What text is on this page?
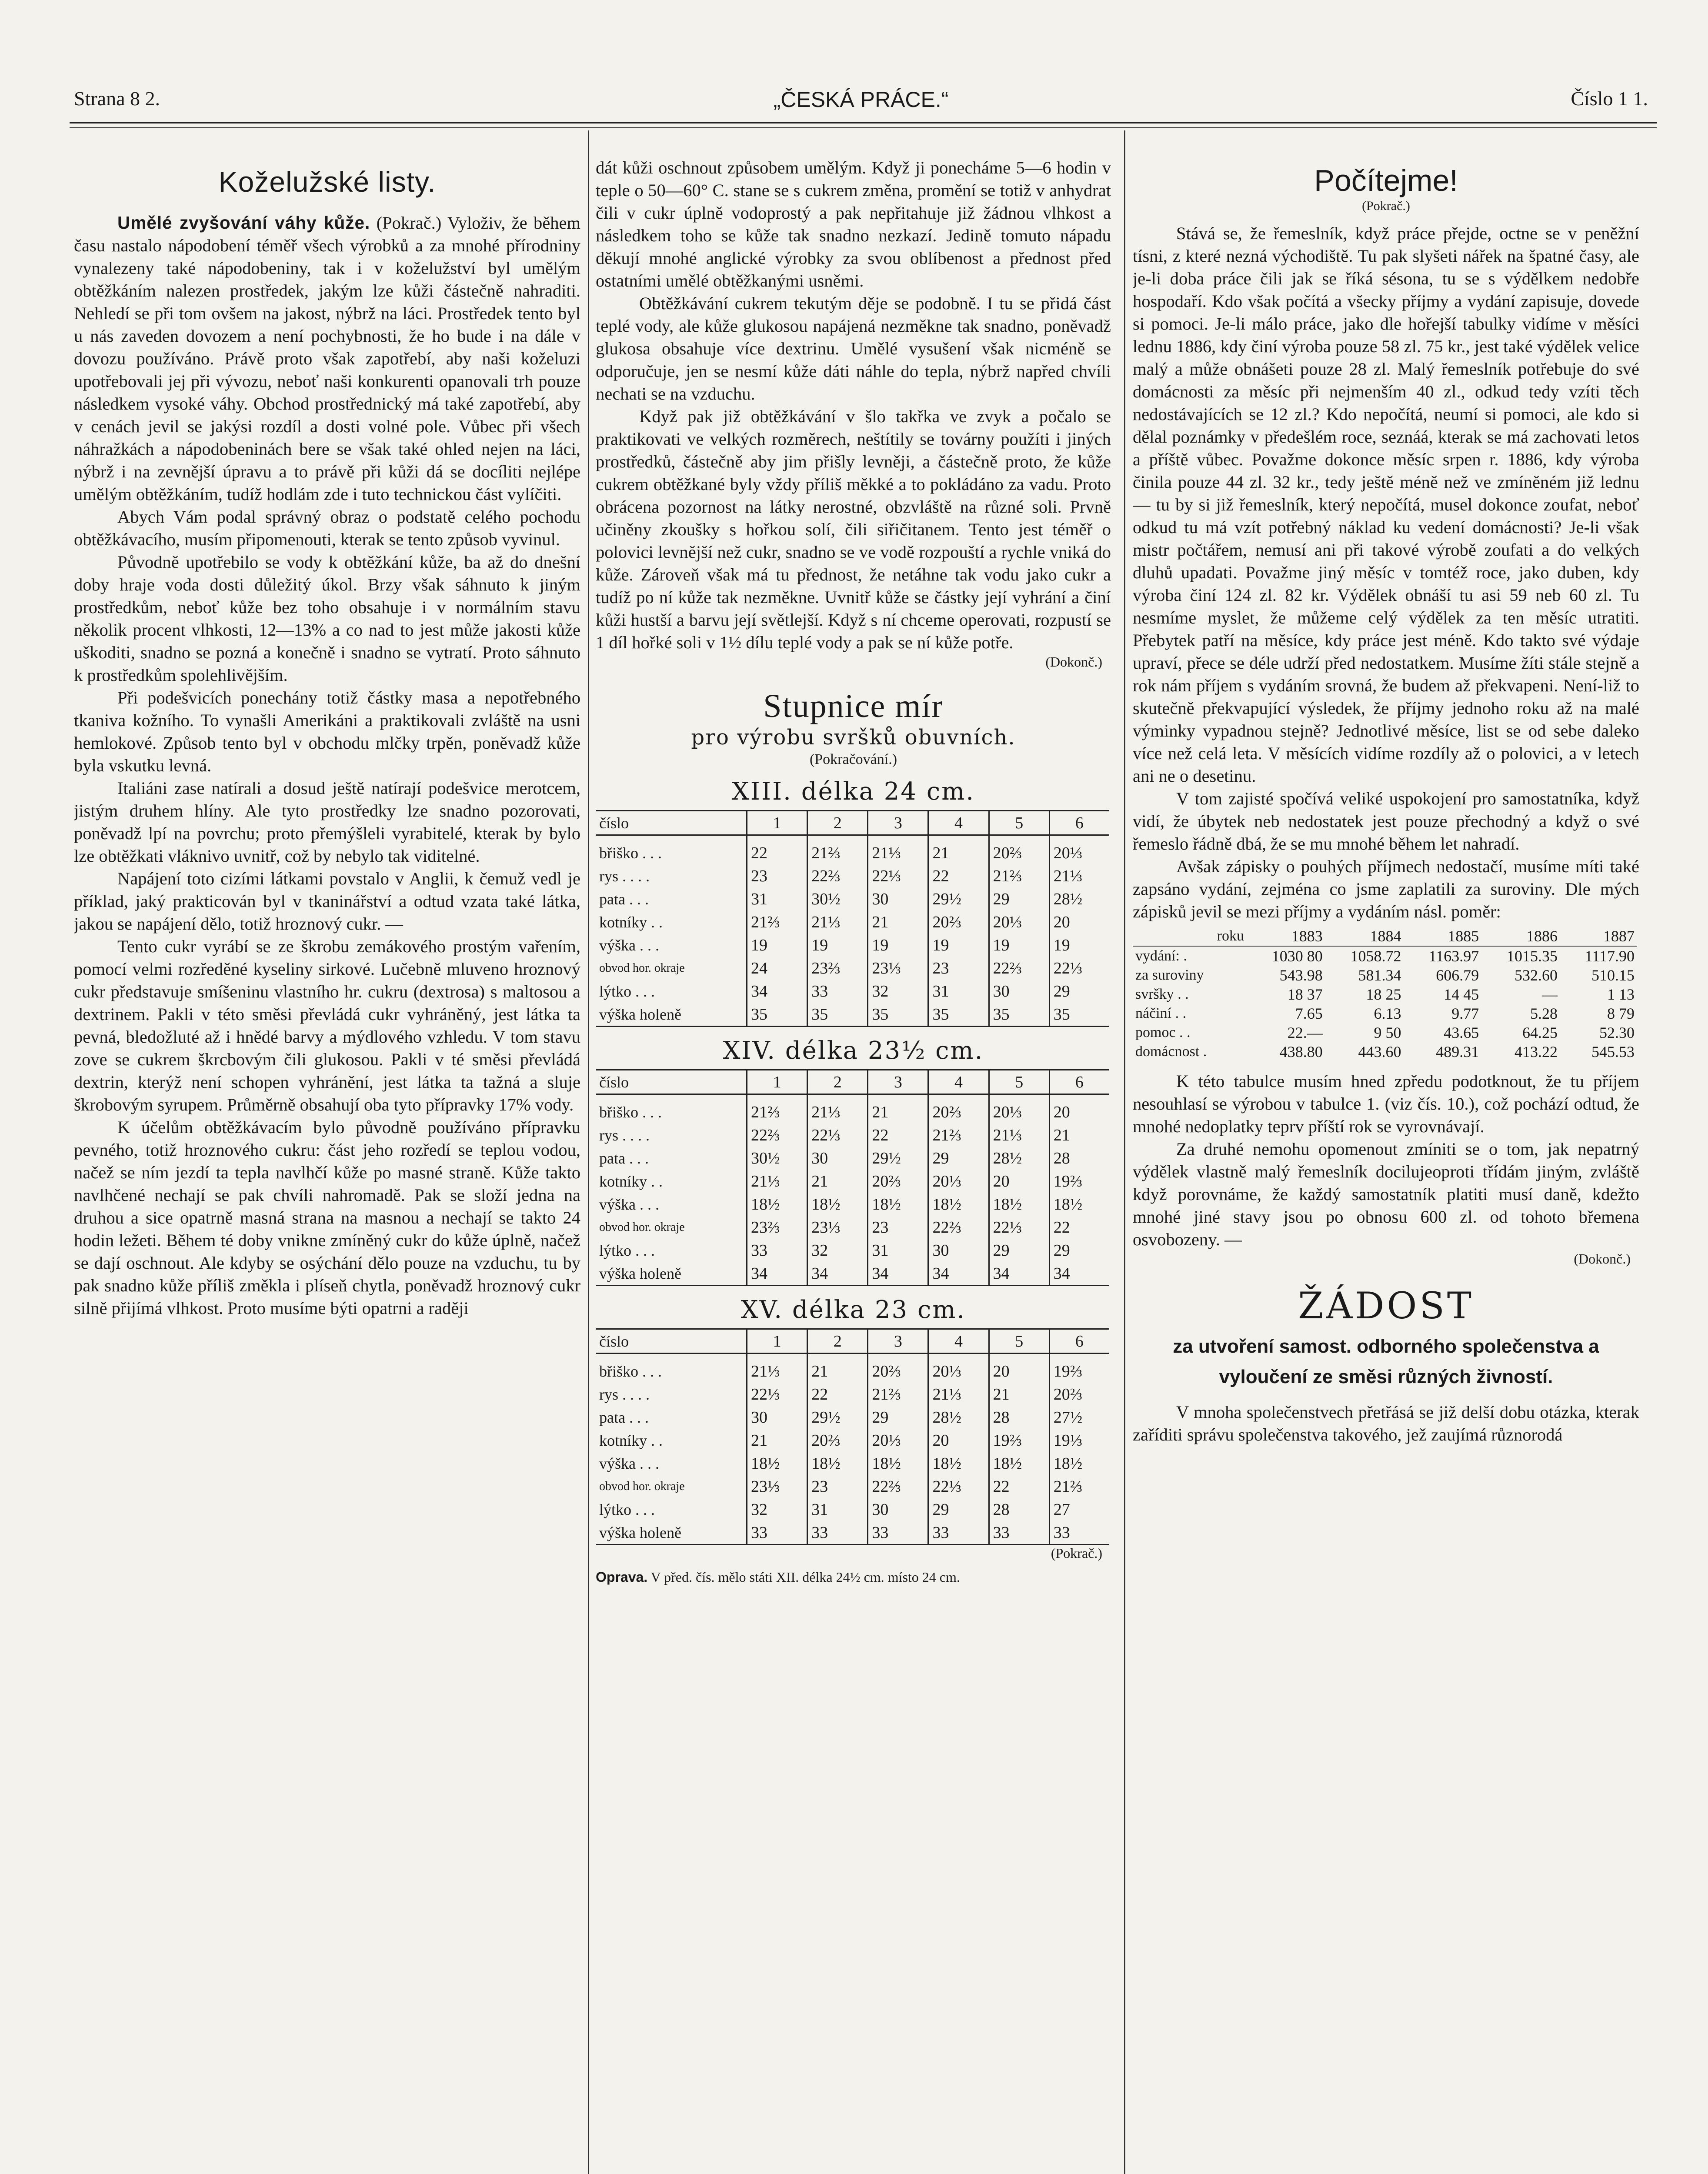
Strana 8 2.	„ČESKÁ PRÁCE.“	Číslo 1 1.
Koželužské listy.

Umělé zvyšování váhy kůže. (Pokrač.) Vyloživ, že během času nastalo nápodobení téměř všech výrobků a za mnohé přírodniny vynalezeny také nápodobeniny, tak i v koželužství byl umělým obtěžkáním nalezen prostředek, jakým lze kůži částečně nahraditi. Nehledí se při tom ovšem na jakost, nýbrž na láci. Prostředek tento byl u nás zaveden dovozem a není pochybnosti, že ho bude i na dále v dovozu používáno. Právě proto však zapotřebí, aby naši koželuzi upotřebovali jej při vývozu, neboť naši konkurenti opanovali trh pouze následkem vysoké váhy. Obchod prostřednický má také zapotřebí, aby v cenách jevil se jakýsi rozdíl a dosti volné pole. Vůbec při všech náhražkách a nápodobeninách bere se však také ohled nejen na láci, nýbrž i na zevnější úpravu a to právě při kůži dá se docíliti nejlépe umělým obtěžkáním, tudíž hodlám zde i tuto technickou část vylíčiti.

Abych Vám podal správný obraz o podstatě celého pochodu obtěžkávacího, musím připomenouti, kterak se tento způsob vyvinul.

Původně upotřebilo se vody k obtěžkání kůže, ba až do dnešní doby hraje voda dosti důležitý úkol. Brzy však sáhnuto k jiným prostředkům, neboť kůže bez toho obsahuje i v normálním stavu několik procent vlhkosti, 12—13% a co nad to jest může jakosti kůže uškoditi, snadno se pozná a konečně i snadno se vytratí. Proto sáhnuto k prostředkům spolehlivějším.

Při podešvicích ponechány totiž částky masa a nepotřebného tkaniva kožního. To vynašli Amerikáni a praktikovali zvláště na usni hemlokové. Způsob tento byl v obchodu mlčky trpěn, poněvadž kůže byla vskutku levná.

Italiáni zase natírali a dosud ještě natírají podešvice merotcem, jistým druhem hlíny. Ale tyto prostředky lze snadno pozorovati, poněvadž lpí na povrchu; proto přemýšleli vyrabitelé, kterak by bylo lze obtěžkati vláknivo uvnitř, což by nebylo tak viditelné.

Napájení toto cizími látkami povstalo v Anglii, k čemuž vedl je příklad, jaký prakticován byl v tkaninářství a odtud vzata také látka, jakou se napájení dělo, totiž hroznový cukr. —

Tento cukr vyrábí se ze škrobu zemákového prostým vařením, pomocí velmi rozředěné kyseliny sirkové. Lučebně mluveno hroznový cukr představuje smíšeninu vlastního hr. cukru (dextrosa) s maltosou a dextrinem. Pakli v této směsi převládá cukr vyhráněný, jest látka ta pevná, bledožluté až i hnědé barvy a mýdlového vzhledu. V tom stavu zove se cukrem škrcbovým čili glukosou. Pakli v té směsi převládá dextrin, kterýž není schopen vyhránění, jest látka ta tažná a sluje škrobovým syrupem. Průměrně obsahují oba tyto přípravky 17% vody.

K účelům obtěžkávacím bylo původně používáno přípravku pevného, totiž hroznového cukru: část jeho rozředí se teplou vodou, načež se ním jezdí ta tepla navlhčí kůže po masné straně. Kůže takto navlhčené nechají se pak chvíli nahromadě. Pak se složí jedna na druhou a sice opatrně masná strana na masnou a nechají se takto 24 hodin ležeti. Během té doby vnikne zmíněný cukr do kůže úplně, načež se dají oschnout. Ale kdyby se osýchání dělo pouze na vzduchu, tu by pak snadno kůže příliš změkla i plíseň chytla, poněvadž hroznový cukr silně přijímá vlhkost. Proto musíme býti opatrni a raději

dát kůži oschnout způsobem umělým. Když ji ponecháme 5—6 hodin v teple o 50—60° C. stane se s cukrem změna, promění se totiž v anhydrat čili v cukr úplně vodoprostý a pak nepřitahuje již žádnou vlhkost a následkem toho se kůže tak snadno nezkazí. Jedině tomuto nápadu děkují mnohé anglické výrobky za svou oblíbenost a přednost před ostatními umělé obtěžkanými usněmi.

Obtěžkávání cukrem tekutým děje se podobně. I tu se přidá část teplé vody, ale kůže glukosou napájená nezměkne tak snadno, poněvadž glukosa obsahuje více dextrinu. Umělé vysušení však nicméně se odporučuje, jen se nesmí kůže dáti náhle do tepla, nýbrž napřed chvíli nechati se na vzduchu.

Když pak již obtěžkávání v šlo takřka ve zvyk a počalo se praktikovati ve velkých rozměrech, neštítily se továrny použíti i jiných prostředků, částečně aby jim přišly levněji, a částečně proto, že kůže cukrem obtěžkané byly vždy příliš měkké a to pokládáno za vadu. Proto obrácena pozornost na látky nerostné, obzvláště na různé soli. Prvně učiněny zkoušky s hořkou solí, čili siřičitanem. Tento jest téměř o polovici levnější než cukr, snadno se ve vodě rozpouští a rychle vniká do kůže. Zároveň však má tu přednost, že netáhne tak vodu jako cukr a tudíž po ní kůže tak nezměkne. Uvnitř kůže se částky její vyhrání a činí kůži hustší a barvu její světlejší. Když s ní chceme operovati, rozpustí se 1 díl hořké soli v 1½ dílu teplé vody a pak se ní kůže potře.

(Dokonč.)

Stupnice mír

pro výrobu svršků obuvních.

(Pokračování.)

XIII. délka 24 cm.

číslo	1	2	3	4	5	6
břiško . . .	22	21⅔	21⅓	21	20⅔	20⅓
rys . . . .	23	22⅔	22⅓	22	21⅔	21⅓
pata . . .	31	30½	30	29½	29	28½
kotníky . .	21⅔	21⅓	21	20⅔	20⅓	20
výška . . .	19	19	19	19	19	19
obvod hor. okraje	24	23⅔	23⅓	23	22⅔	22⅓
lýtko . . .	34	33	32	31	30	29
výška holeně	35	35	35	35	35	35

XIV. délka 23½ cm.

číslo	1	2	3	4	5	6
břiško . . .	21⅔	21⅓	21	20⅔	20⅓	20
rys . . . .	22⅔	22⅓	22	21⅔	21⅓	21
pata . . .	30½	30	29½	29	28½	28
kotníky . .	21⅓	21	20⅔	20⅓	20	19⅔
výška . . .	18½	18½	18½	18½	18½	18½
obvod hor. okraje	23⅔	23⅓	23	22⅔	22⅓	22
lýtko . . .	33	32	31	30	29	29
výška holeně	34	34	34	34	34	34

XV. délka 23 cm.

číslo	1	2	3	4	5	6
břiško . . .	21⅓	21	20⅔	20⅓	20	19⅔
rys . . . .	22⅓	22	21⅔	21⅓	21	20⅔
pata . . .	30	29½	29	28½	28	27½
kotníky . .	21	20⅔	20⅓	20	19⅔	19⅓
výška . . .	18½	18½	18½	18½	18½	18½
obvod hor. okraje	23⅓	23	22⅔	22⅓	22	21⅔
lýtko . . .	32	31	30	29	28	27
výška holeně	33	33	33	33	33	33

(Pokrač.)

Oprava. V před. čís. mělo státi XII. délka 24½ cm. místo 24 cm.

Počítejme!

(Pokrač.)

Stává se, že řemeslník, když práce přejde, octne se v peněžní tísni, z které nezná východiště. Tu pak slyšeti nářek na špatné časy, ale je-li doba práce čili jak se říká sésona, tu se s výdělkem nedobře hospodaří. Kdo však počítá a všecky příjmy a vydání zapisuje, dovede si pomoci. Je-li málo práce, jako dle hořejší tabulky vidíme v měsíci lednu 1886, kdy činí výroba pouze 58 zl. 75 kr., jest také výdělek velice malý a může obnášeti pouze 28 zl. Malý řemeslník potřebuje do své domácnosti za měsíc při nejmenším 40 zl., odkud tedy vzíti těch nedostávajících se 12 zl.? Kdo nepočítá, neumí si pomoci, ale kdo si dělal poznámky v předešlém roce, seznáá, kterak se má zachovati letos a příště vůbec. Považme dokonce měsíc srpen r. 1886, kdy výroba činila pouze 44 zl. 32 kr., tedy ještě méně než ve zmíněném již lednu — tu by si již řemeslník, který nepočítá, musel dokonce zoufat, neboť odkud tu má vzít potřebný náklad ku vedení domácnosti? Je-li však mistr počtářem, nemusí ani při takové výrobě zoufati a do velkých dluhů upadati. Považme jiný měsíc v tomtéž roce, jako duben, kdy výroba činí 124 zl. 82 kr. Výdělek obnáší tu asi 59 neb 60 zl. Tu nesmíme myslet, že můžeme celý výdělek za ten měsíc utratiti. Přebytek patří na měsíce, kdy práce jest méně. Kdo takto své výdaje upraví, přece se déle udrží před nedostatkem. Musíme žíti stále stejně a rok nám příjem s vydáním srovná, že budem až překvapeni. Není-liž to skutečně překvapující výsledek, že příjmy jednoho roku až na malé výminky vypadnou stejně? Jednotlivé měsíce, list se od sebe daleko více než celá leta. V měsících vidíme rozdíly až o polovici, a v letech ani ne o desetinu.

V tom zajisté spočívá veliké uspokojení pro samostatníka, když vidí, že úbytek neb nedostatek jest pouze přechodný a když o své řemeslo řádně dbá, že se mu mnohé během let nahradí.

Avšak zápisky o pouhých příjmech nedostačí, musíme míti také zapsáno vydání, zejména co jsme zaplatili za suroviny. Dle mých zápisků jevil se mezi příjmy a vydáním násl. poměr:

roku	1883	1884	1885	1886	1887
vydání: .	1030 80	1058.72	1163.97	1015.35	1117.90
za suroviny	543.98	581.34	606.79	532.60	510.15
svršky . .	18 37	18 25	14 45	—	1 13
náčiní . .	7.65	6.13	9.77	5.28	8 79
pomoc . .	22.—	9 50	43.65	64.25	52.30
domácnost .	438.80	443.60	489.31	413.22	545.53

K této tabulce musím hned zpředu podotknout, že tu příjem nesouhlasí se výrobou v tabulce 1. (viz čís. 10.), což pochází odtud, že mnohé nedoplatky teprv příští rok se vyrovnávají.

Za druhé nemohu opomenout zmíniti se o tom, jak nepatrný výdělek vlastně malý řemeslník docilujeoproti třídám jiným, zvláště když porovnáme, že každý samostatník platiti musí daně, kdežto mnohé jiné stavy jsou po obnosu 600 zl. od tohoto břemena osvobozeny. —

(Dokonč.)

ŽÁDOST

za utvoření samost. odborného společenstva a
vyloučení ze směsi různých živností.

V mnoha společenstvech přetřásá se již delší dobu otázka, kterak zaříditi správu společenstva takového, jež zaujímá různorodá
